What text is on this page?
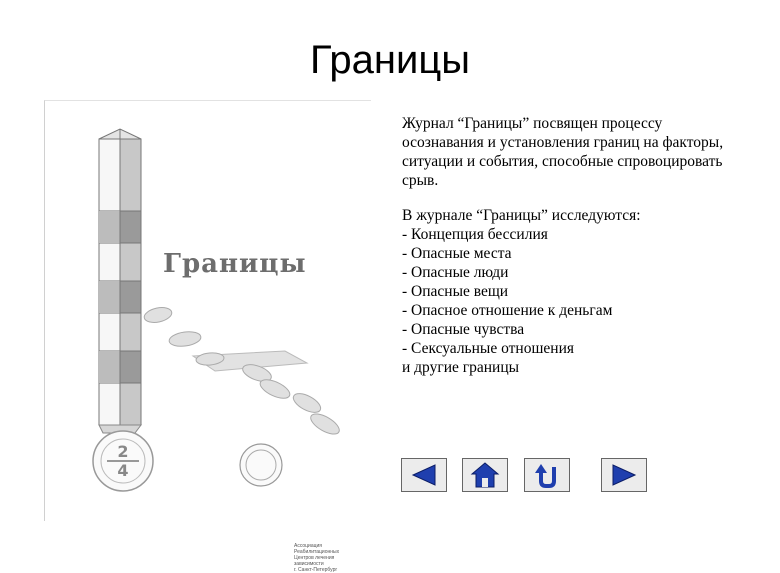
Границы
2
4
Границы
Ассоциация
Реабилитационных
Центров лечения
зависимости
г. Санкт-Петербург

Журнал “Границы” посвящен процессу осознавания и установления границ на факторы, ситуации и события, способные спровоцировать срыв.

В журнале “Границы” исследуются:
- Концепция бессилия
- Опасные места
- Опасные люди
- Опасные вещи
- Опасное отношение к деньгам
- Опасные чувства
- Сексуальные отношения
и другие границы
